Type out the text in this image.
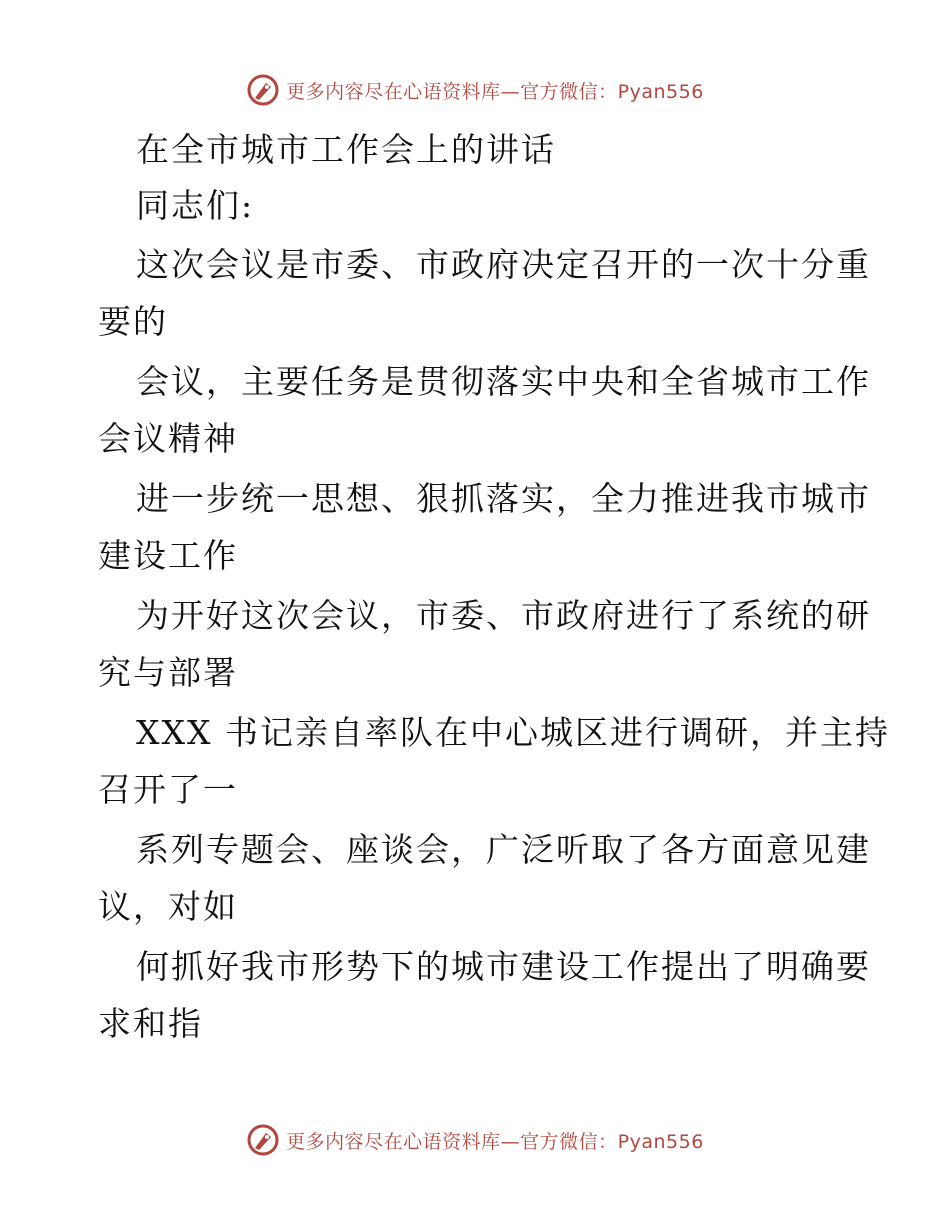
更多内容尽在心语资料库—官方微信：Pyan556
在全市城市工作会上的讲话
同志们:
这次会议是市委、市政府决定召开的一次十分重
要的
会议，主要任务是贯彻落实中央和全省城市工作
会议精神
进一步统一思想、狠抓落实，全力推进我市城市
建设工作
为开好这次会议，市委、市政府进行了系统的研
究与部署
XXX 书记亲自率队在中心城区进行调研，并主持
召开了一
系列专题会、座谈会，广泛听取了各方面意见建
议，对如
何抓好我市形势下的城市建设工作提出了明确要
求和指
更多内容尽在心语资料库—官方微信：Pyan556
